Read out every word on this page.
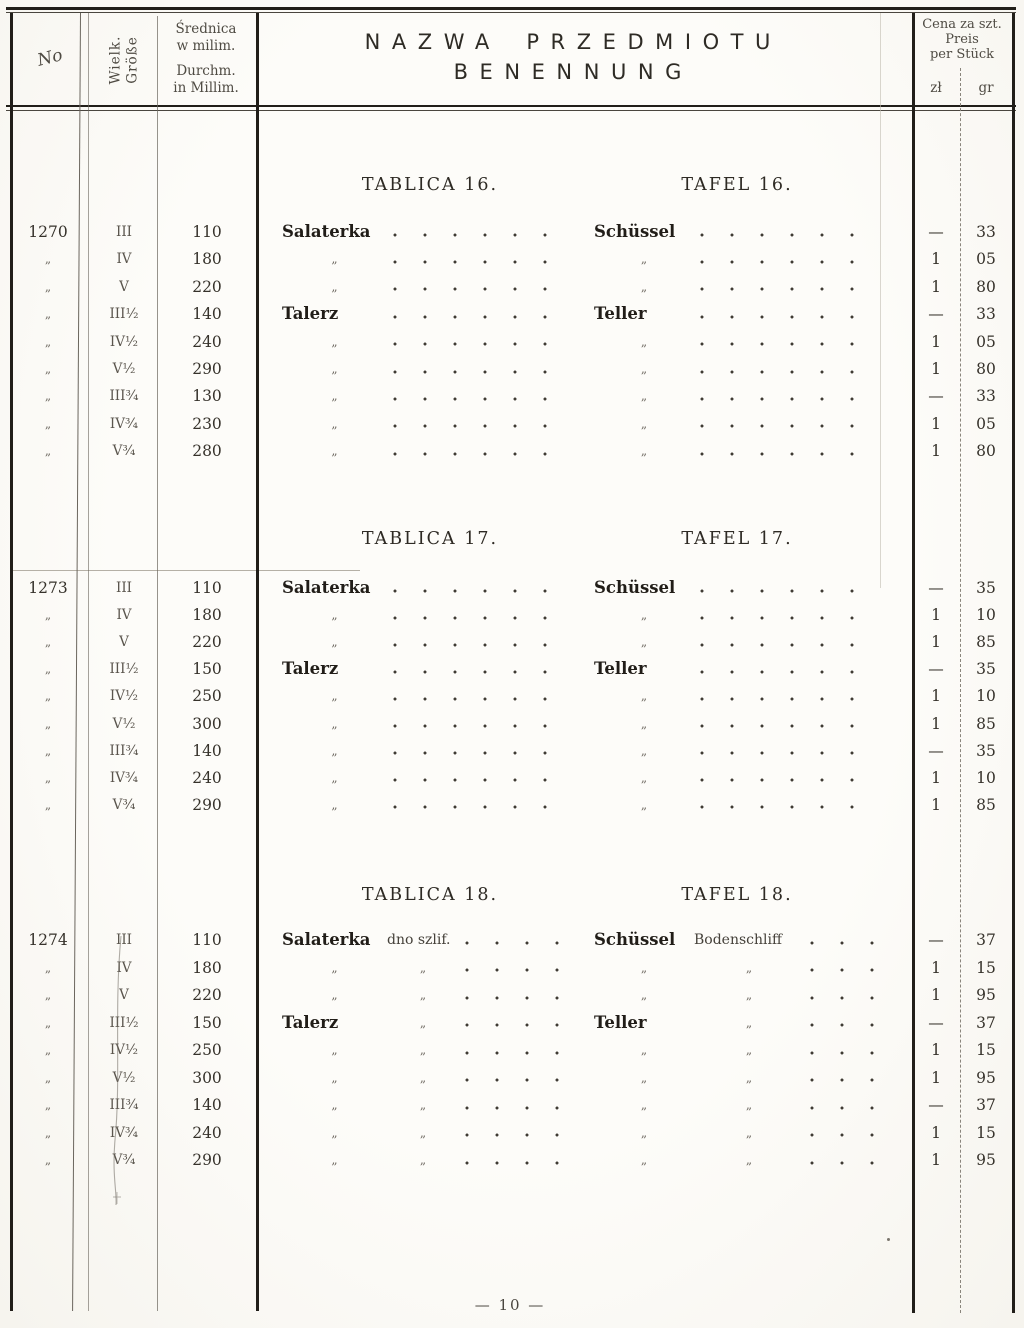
No	Wielk. Größe
Średnica
w milim.
Durchm.
in Millim.
NAZWA PRZEDMIOTU
BENENNUNG
Cena za szt.
Preis
per Stück
zł	gr
TABLICA 16.	TAFEL 16.
1270	III	110	Salaterka	Schüssel	—	33
„	IV	180	„	„	1	05
„	V	220	„	„	1	80
„	III¹⁄₂	140	Talerz	Teller	—	33
„	IV¹⁄₂	240	„	„	1	05
„	V¹⁄₂	290	„	„	1	80
„	III³⁄₄	130	„	„	—	33
„	IV³⁄₄	230	„	„	1	05
„	V³⁄₄	280	„	„	1	80
TABLICA 17.	TAFEL 17.
1273	III	110	Salaterka	Schüssel	—	35
„	IV	180	„	„	1	10
„	V	220	„	„	1	85
„	III¹⁄₂	150	Talerz	Teller	—	35
„	IV¹⁄₂	250	„	„	1	10
„	V¹⁄₂	300	„	„	1	85
„	III³⁄₄	140	„	„	—	35
„	IV³⁄₄	240	„	„	1	10
„	V³⁄₄	290	„	„	1	85
TABLICA 18.	TAFEL 18.
1274	III	110	Salaterka	dno szlif.	Schüssel	Bodenschliff	—	37
„	IV	180	„	„	„	„	1	15
„	V	220	„	„	„	„	1	95
„	III¹⁄₂	150	Talerz	„	Teller	„	—	37
„	IV¹⁄₂	250	„	„	„	„	1	15
„	V¹⁄₂	300	„	„	„	„	1	95
„	III³⁄₄	140	„	„	„	„	—	37
„	IV³⁄₄	240	„	„	„	„	1	15
„	V³⁄₄	290	„	„	„	„	1	95
— 10 —
